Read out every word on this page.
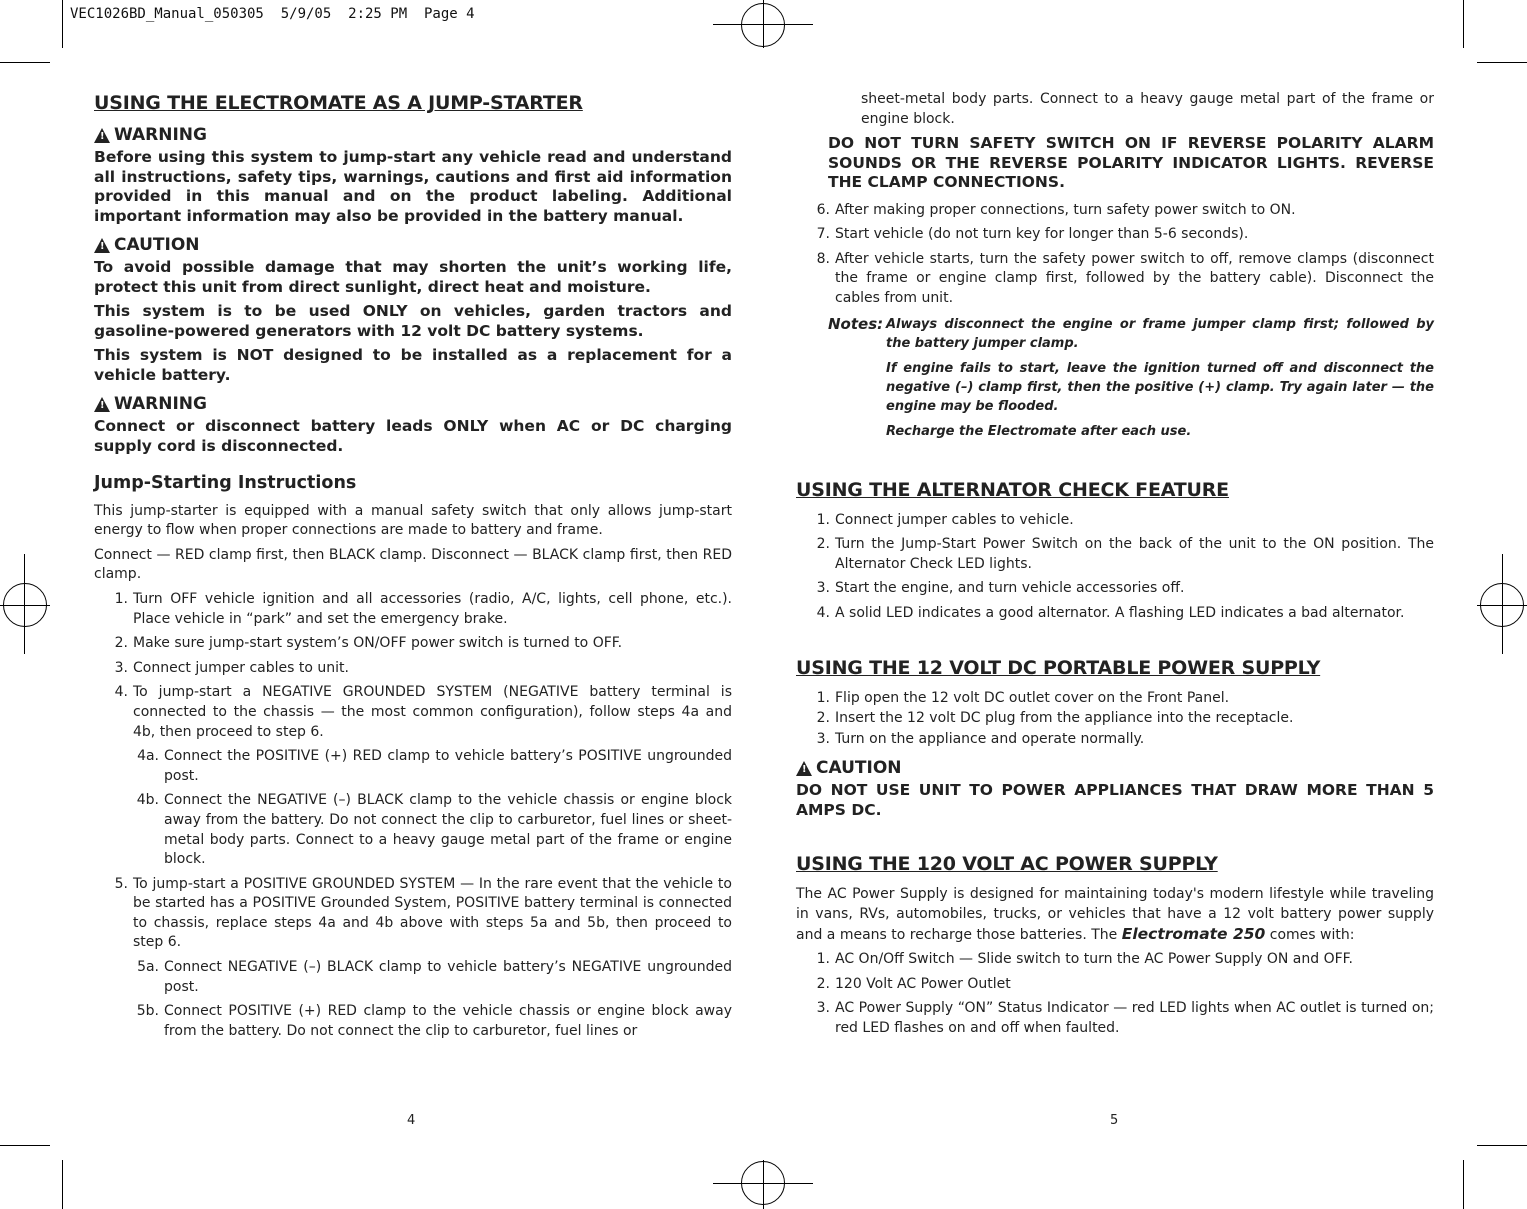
VEC1026BD_Manual_050305  5/9/05  2:25 PM  Page 4
USING THE ELECTROMATE AS A JUMP-STARTER
!
WARNING
Before using this system to jump-start any vehicle read and understand all instructions, safety tips, warnings, cautions and first aid information provided in this manual and on the product labeling. Additional important information may also be provided in the battery manual.
!
CAUTION
To avoid possible damage that may shorten the unit’s working life, protect this unit from direct sunlight, direct heat and moisture.
This system is to be used ONLY on vehicles, garden tractors and gasoline-powered generators with 12 volt DC battery systems.
This system is NOT designed to be installed as a replacement for a vehicle battery.
!
WARNING
Connect or disconnect battery leads ONLY when AC or DC charging supply cord is disconnected.
Jump-Starting Instructions

This jump-starter is equipped with a manual safety switch that only allows jump-start energy to flow when proper connections are made to battery and frame.

Connect — RED clamp first, then BLACK clamp. Disconnect — BLACK clamp first, then RED clamp.

1. Turn OFF vehicle ignition and all accessories (radio, A/C, lights, cell phone, etc.). Place vehicle in “park” and set the emergency brake.
2. Make sure jump-start system’s ON/OFF power switch is turned to OFF.
3. Connect jumper cables to unit.
4. To jump-start a NEGATIVE GROUNDED SYSTEM (NEGATIVE battery terminal is connected to the chassis — the most common configuration), follow steps 4a and 4b, then proceed to step 6.
4a. Connect the POSITIVE (+) RED clamp to vehicle battery’s POSITIVE ungrounded post.
4b. Connect the NEGATIVE (–) BLACK clamp to the vehicle chassis or engine block away from the battery. Do not connect the clip to carburetor, fuel lines or sheet-metal body parts. Connect to a heavy gauge metal part of the frame or engine block.
5. To jump-start a POSITIVE GROUNDED SYSTEM — In the rare event that the vehicle to be started has a POSITIVE Grounded System, POSITIVE battery terminal is connected to chassis, replace steps 4a and 4b above with steps 5a and 5b, then proceed to step 6.
5a. Connect NEGATIVE (–) BLACK clamp to vehicle battery’s NEGATIVE ungrounded post.
5b. Connect POSITIVE (+) RED clamp to the vehicle chassis or engine block away from the battery. Do not connect the clip to carburetor, fuel lines or
4
sheet-metal body parts. Connect to a heavy gauge metal part of the frame or engine block.
DO NOT TURN SAFETY SWITCH ON IF REVERSE POLARITY ALARM SOUNDS OR THE REVERSE POLARITY INDICATOR LIGHTS. REVERSE THE CLAMP CONNECTIONS.
6. After making proper connections, turn safety power switch to ON.
7. Start vehicle (do not turn key for longer than 5-6 seconds).
8. After vehicle starts, turn the safety power switch to off, remove clamps (disconnect the frame or engine clamp first, followed by the battery cable). Disconnect the cables from unit.
Notes: Always disconnect the engine or frame jumper clamp first; followed by the battery jumper clamp.

If engine fails to start, leave the ignition turned off and disconnect the negative (–) clamp first, then the positive (+) clamp. Try again later — the engine may be flooded.

Recharge the Electromate after each use.

USING THE ALTERNATOR CHECK FEATURE
1. Connect jumper cables to vehicle.
2. Turn the Jump-Start Power Switch on the back of the unit to the ON position. The Alternator Check LED lights.
3. Start the engine, and turn vehicle accessories off.
4. A solid LED indicates a good alternator. A flashing LED indicates a bad alternator.
USING THE 12 VOLT DC PORTABLE POWER SUPPLY
1. Flip open the 12 volt DC outlet cover on the Front Panel.
2. Insert the 12 volt DC plug from the appliance into the receptacle.
3. Turn on the appliance and operate normally.
!
CAUTION
DO NOT USE UNIT TO POWER APPLIANCES THAT DRAW MORE THAN 5 AMPS DC.
USING THE 120 VOLT AC POWER SUPPLY

The AC Power Supply is designed for maintaining today's modern lifestyle while traveling in vans, RVs, automobiles, trucks, or vehicles that have a 12 volt battery power supply and a means to recharge those batteries. The Electromate 250 comes with:

1. AC On/Off Switch — Slide switch to turn the AC Power Supply ON and OFF.
2. 120 Volt AC Power Outlet
3. AC Power Supply “ON” Status Indicator — red LED lights when AC outlet is turned on; red LED flashes on and off when faulted.
5
